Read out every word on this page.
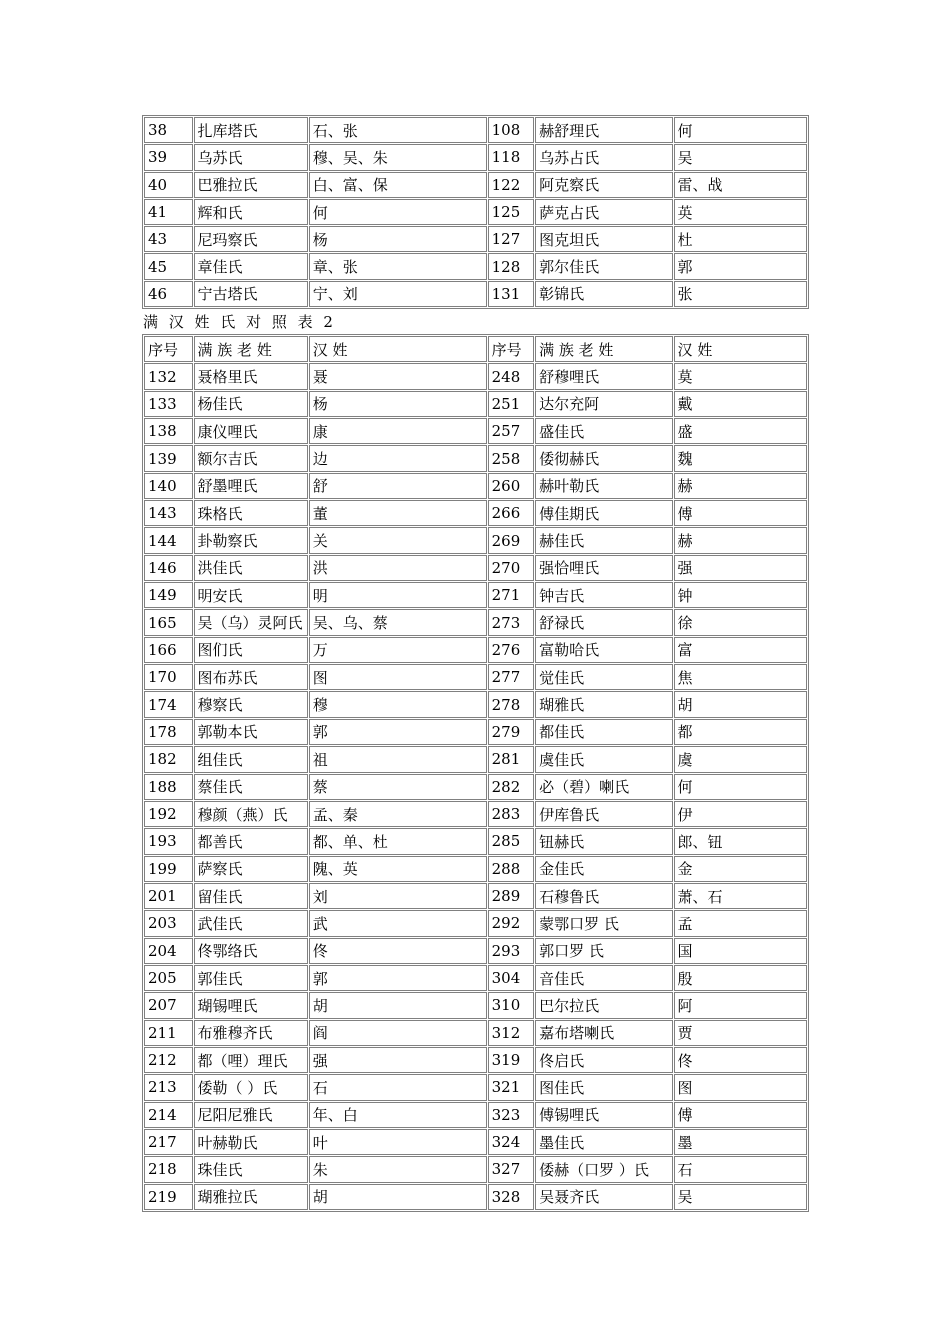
38	扎库塔氏	石、张	108	赫舒理氏	何
39	乌苏氏	穆、吴、朱	118	乌苏占氏	吴
40	巴雅拉氏	白、富、保	122	阿克察氏	雷、战
41	辉和氏	何	125	萨克占氏	英
43	尼玛察氏	杨	127	图克坦氏	杜
45	章佳氏	章、张	128	郭尔佳氏	郭
46	宁古塔氏	宁、刘	131	彰锦氏	张
满 汉 姓 氏 对 照 表 2
序号	满 族 老 姓	汉 姓	序号	满 族 老 姓	汉 姓
132	聂格里氏	聂	248	舒穆哩氏	莫
133	杨佳氏	杨	251	达尔充阿	戴
138	康仪哩氏	康	257	盛佳氏	盛
139	额尔吉氏	边	258	倭彻赫氏	魏
140	舒墨哩氏	舒	260	赫叶勒氏	赫
143	珠格氏	董	266	傅佳期氏	傅
144	卦勒察氏	关	269	赫佳氏	赫
146	洪佳氏	洪	270	强恰哩氏	强
149	明安氏	明	271	钟吉氏	钟
165	吴（乌）灵阿氏	吴、乌、蔡	273	舒禄氏	徐
166	图们氏	万	276	富勒哈氏	富
170	图布苏氏	图	277	觉佳氏	焦
174	穆察氏	穆	278	瑚雅氏	胡
178	郭勒本氏	郭	279	都佳氏	都
182	组佳氏	祖	281	虞佳氏	虞
188	蔡佳氏	蔡	282	必（碧）喇氏	何
192	穆颜（燕）氏	孟、秦	283	伊库鲁氏	伊
193	都善氏	都、单、杜	285	钮赫氏	郎、钮
199	萨察氏	隗、英	288	金佳氏	金
201	留佳氏	刘	289	石穆鲁氏	萧、石
203	武佳氏	武	292	蒙鄂口罗 氏	孟
204	佟鄂络氏	佟	293	郭口罗 氏	国
205	郭佳氏	郭	304	音佳氏	殷
207	瑚锡哩氏	胡	310	巴尔拉氏	阿
211	布雅穆齐氏	阎	312	嘉布塔喇氏	贾
212	都（哩）理氏	强	319	佟启氏	佟
213	倭勒（ ）氏	石	321	图佳氏	图
214	尼阳尼雅氏	年、白	323	傅锡哩氏	傅
217	叶赫勒氏	叶	324	墨佳氏	墨
218	珠佳氏	朱	327	倭赫（口罗 ）氏	石
219	瑚雅拉氏	胡	328	吴聂齐氏	吴
